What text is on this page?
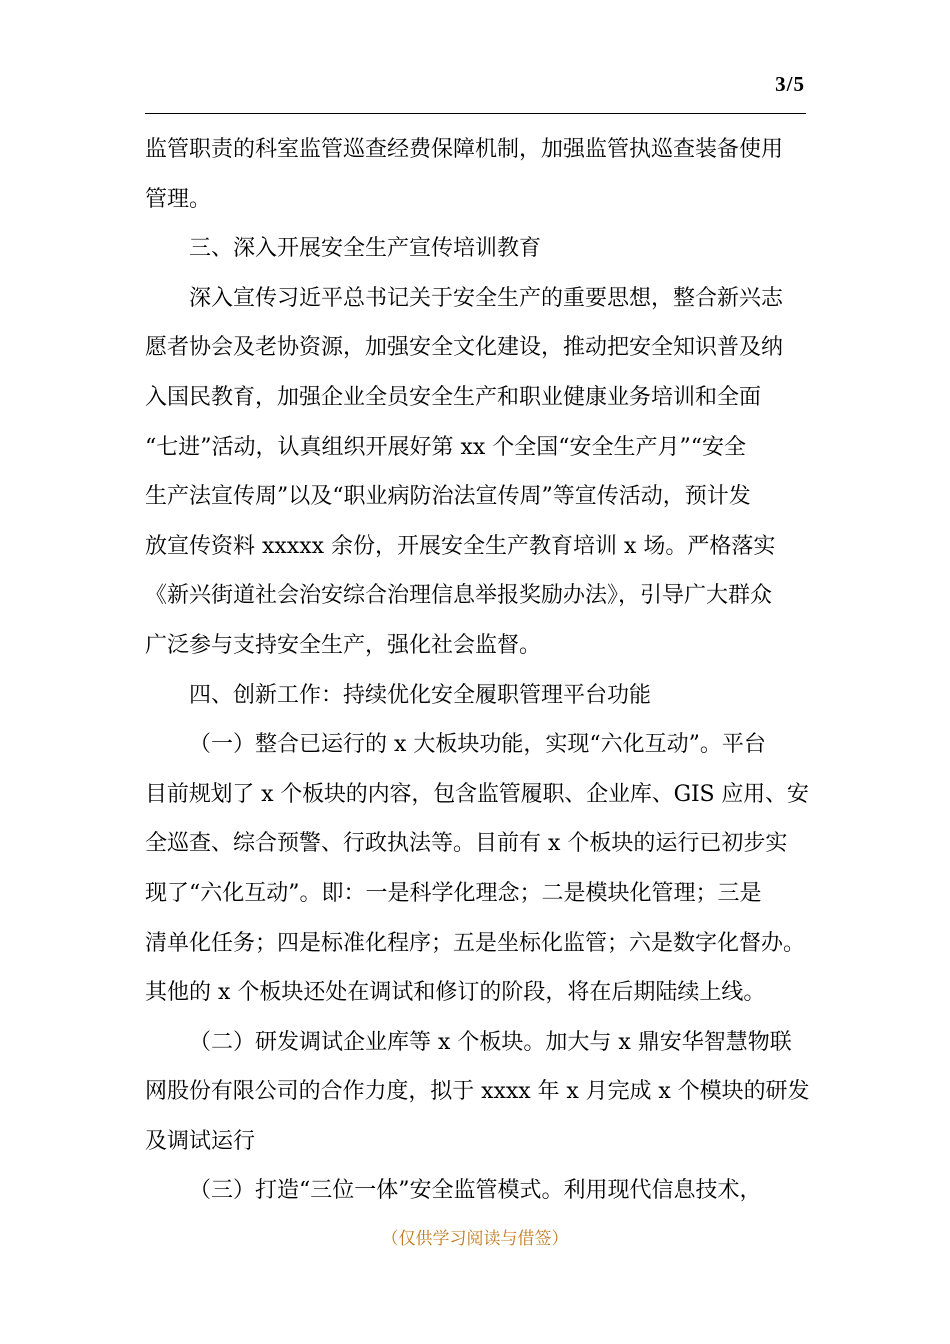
3/5
监管职责的科室监管巡查经费保障机制，加强监管执巡查装备使用
管理。
三、深入开展安全生产宣传培训教育
深入宣传习近平总书记关于安全生产的重要思想，整合新兴志
愿者协会及老协资源，加强安全文化建设，推动把安全知识普及纳
入国民教育，加强企业全员安全生产和职业健康业务培训和全面
“七进”活动，认真组织开展好第 xx 个全国“安全生产月”“安全
生产法宣传周”以及“职业病防治法宣传周”等宣传活动，预计发
放宣传资料 xxxxx 余份，开展安全生产教育培训 x 场。严格落实
《新兴街道社会治安综合治理信息举报奖励办法》，引导广大群众
广泛参与支持安全生产，强化社会监督。
四、创新工作：持续优化安全履职管理平台功能
（一）整合已运行的 x 大板块功能，实现“六化互动”。平台
目前规划了 x 个板块的内容，包含监管履职、企业库、GIS 应用、安
全巡查、综合预警、行政执法等。目前有 x 个板块的运行已初步实
现了“六化互动”。即：一是科学化理念；二是模块化管理；三是
清单化任务；四是标准化程序；五是坐标化监管；六是数字化督办。
其他的 x 个板块还处在调试和修订的阶段，将在后期陆续上线。
（二）研发调试企业库等 x 个板块。加大与 x 鼎安华智慧物联
网股份有限公司的合作力度，拟于 xxxx 年 x 月完成 x 个模块的研发
及调试运行
（三）打造“三位一体”安全监管模式。利用现代信息技术，
（仅供学习阅读与借签）
